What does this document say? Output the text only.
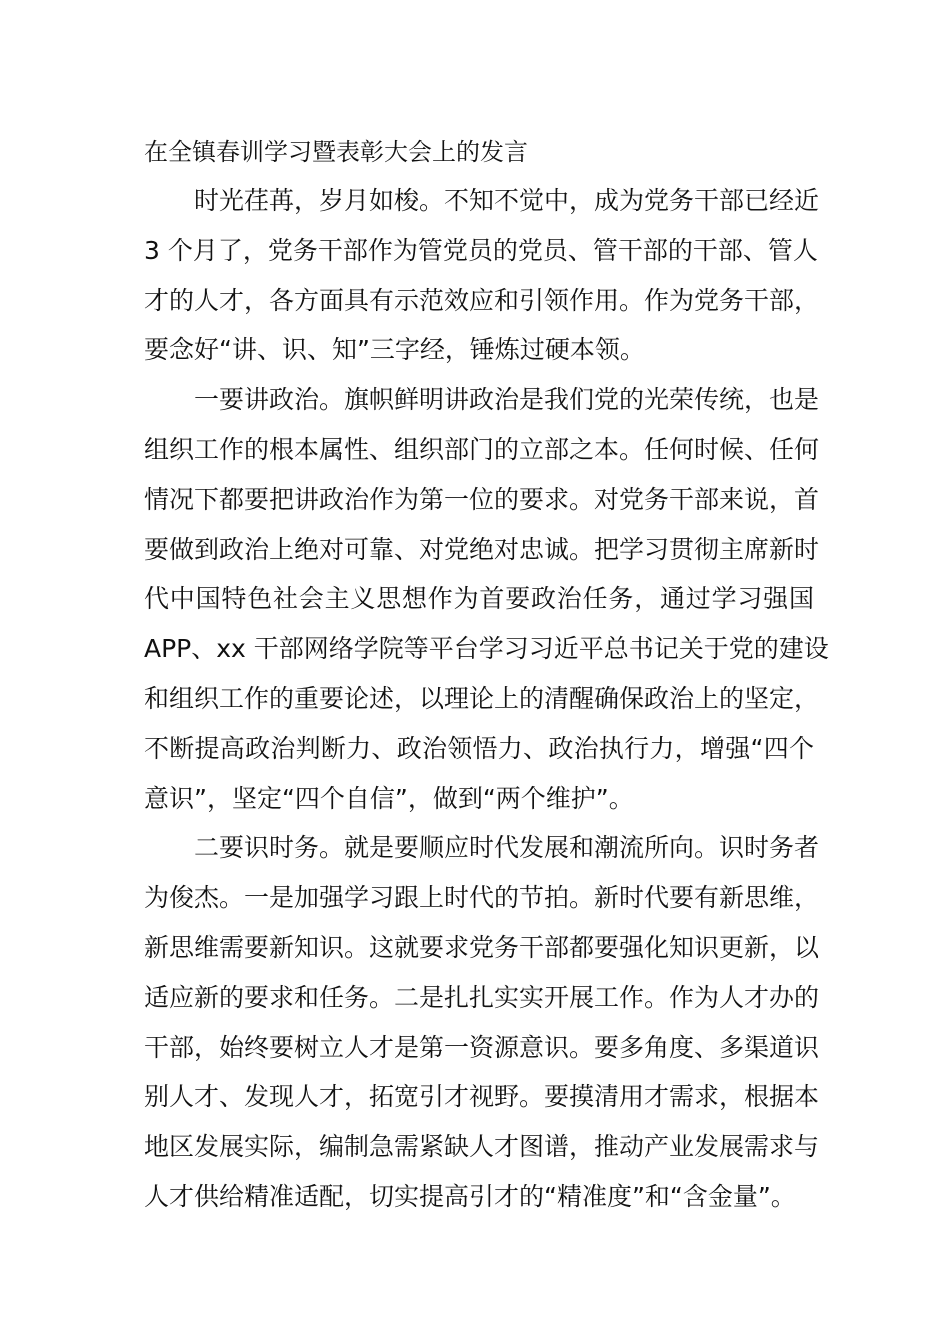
在全镇春训学习暨表彰大会上的发言
时光荏苒，岁月如梭。不知不觉中，成为党务干部已经近
3 个月了，党务干部作为管党员的党员、管干部的干部、管人
才的人才，各方面具有示范效应和引领作用。作为党务干部，
要念好“讲、识、知”三字经，锤炼过硬本领。
一要讲政治。旗帜鲜明讲政治是我们党的光荣传统，也是
组织工作的根本属性、组织部门的立部之本。任何时候、任何
情况下都要把讲政治作为第一位的要求。对党务干部来说，首
要做到政治上绝对可靠、对党绝对忠诚。把学习贯彻主席新时
代中国特色社会主义思想作为首要政治任务，通过学习强国
APP、xx 干部网络学院等平台学习习近平总书记关于党的建设
和组织工作的重要论述，以理论上的清醒确保政治上的坚定，
不断提高政治判断力、政治领悟力、政治执行力，增强“四个
意识”，坚定“四个自信”，做到“两个维护”。
二要识时务。就是要顺应时代发展和潮流所向。识时务者
为俊杰。一是加强学习跟上时代的节拍。新时代要有新思维，
新思维需要新知识。这就要求党务干部都要强化知识更新，以
适应新的要求和任务。二是扎扎实实开展工作。作为人才办的
干部，始终要树立人才是第一资源意识。要多角度、多渠道识
别人才、发现人才，拓宽引才视野。要摸清用才需求，根据本
地区发展实际，编制急需紧缺人才图谱，推动产业发展需求与
人才供给精准适配，切实提高引才的“精准度”和“含金量”。
